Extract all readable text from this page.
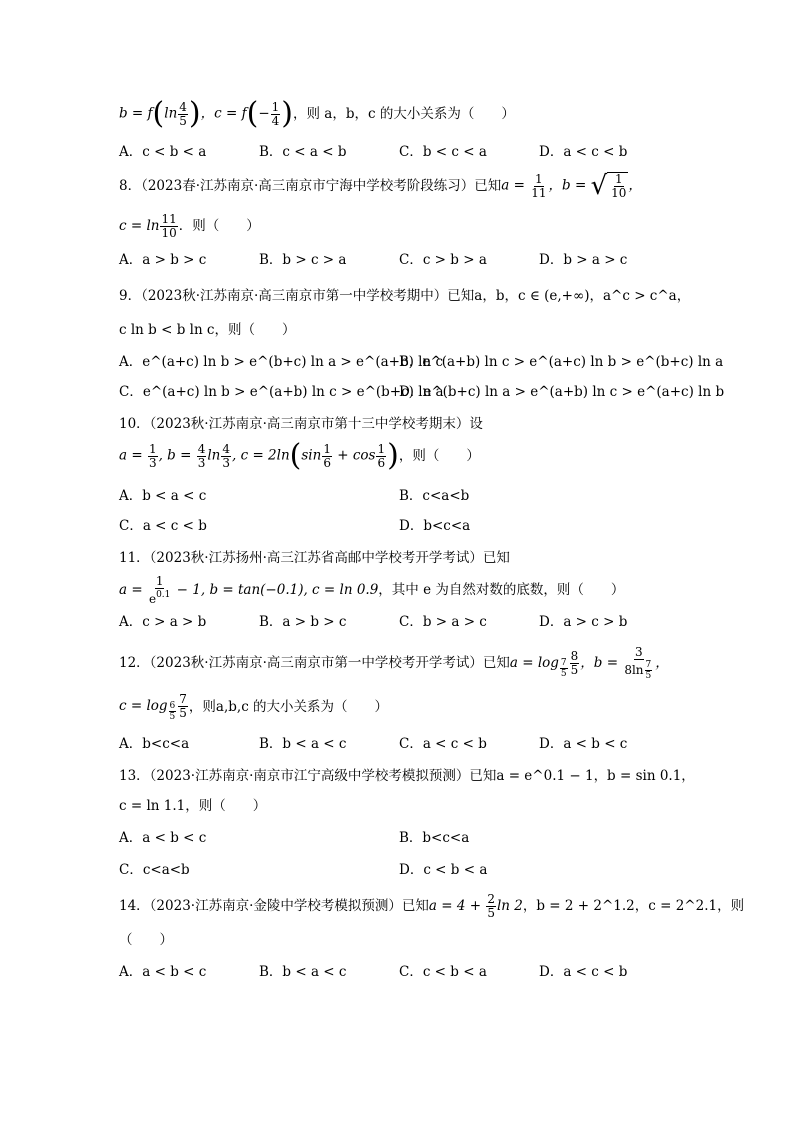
$b = f(\ln \frac{4}{5}$ )，$c = f(- \frac{1}{4}$ ) ，则 a，b，c 的大小关系为（　　）
A．c < b < a	B．c < a < b	C．b < c < a	D．a < c < b
8．（2023春·江苏南京·高三南京市宁海中学校考阶段练习）已知 $a = \frac{1}{11}$ ，b = √ $\frac{1}{10}$ ，
$c = \ln \frac{11}{10}$ ．则（　　）
A．a > b > c	B．b > c > a	C．c > b > a	D．b > a > c
9．（2023秋·江苏南京·高三南京市第一中学校考期中）已知a，b，c ∈ (e,+∞)，a^c > c^a，
c ln b < b ln c，则（　　）
A．e^(a+c) ln b > e^(b+c) ln a > e^(a+b) ln c
B．e^(a+b) ln c > e^(a+c) ln b > e^(b+c) ln a
C．e^(a+c) ln b > e^(a+b) ln c > e^(b+c) ln a
D．e^(b+c) ln a > e^(a+b) ln c > e^(a+c) ln b
10．（2023秋·江苏南京·高三南京市第十三中学校考期末）设
$a = \frac{1}{3}$ , $b = \frac{4}{3}$ $\ln \frac{4}{3}$ , $c = 2\ln(\sin \frac{1}{6} + \cos \frac{1}{6}$ ) ，则（　　）
A．b < a < c	B．c<a<b
C．a < c < b	D．b<c<a
11．（2023秋·江苏扬州·高三江苏省高邮中学校考开学考试）已知
$a = \frac{1}{e^{0.1}} - 1$, b = tan(−0.1), c = ln 0.9 ，其中 e 为自然对数的底数，则（　　）
A．c > a > b	B．a > b > c	C．b > a > c	D．a > c > b
12．（2023秋·江苏南京·高三南京市第一中学校考开学考试）已知 $a = \log _{\frac{7}{5}} \frac{8}{5}$ ，$b = \frac{3}{8\ln \frac{7}{5}}$ ，
$c = \log _{\frac{6}{5}} \frac{7}{5}$ ，则a,b,c 的大小关系为（　　）
A．b<c<a	B．b < a < c	C．a < c < b	D．a < b < c
13．（2023·江苏南京·南京市江宁高级中学校考模拟预测）已知a = e^0.1 − 1，b = sin 0.1，
c = ln 1.1，则（　　）
A．a < b < c	B．b<c<a
C．c<a<b	D．c < b < a
14．（2023·江苏南京·金陵中学校考模拟预测）已知 $a = 4 + \frac{2}{5}$ ln 2 ，b = 2 + 2^1.2，c = 2^2.1，则
（　　）
A．a < b < c	B．b < a < c	C．c < b < a	D．a < c < b
